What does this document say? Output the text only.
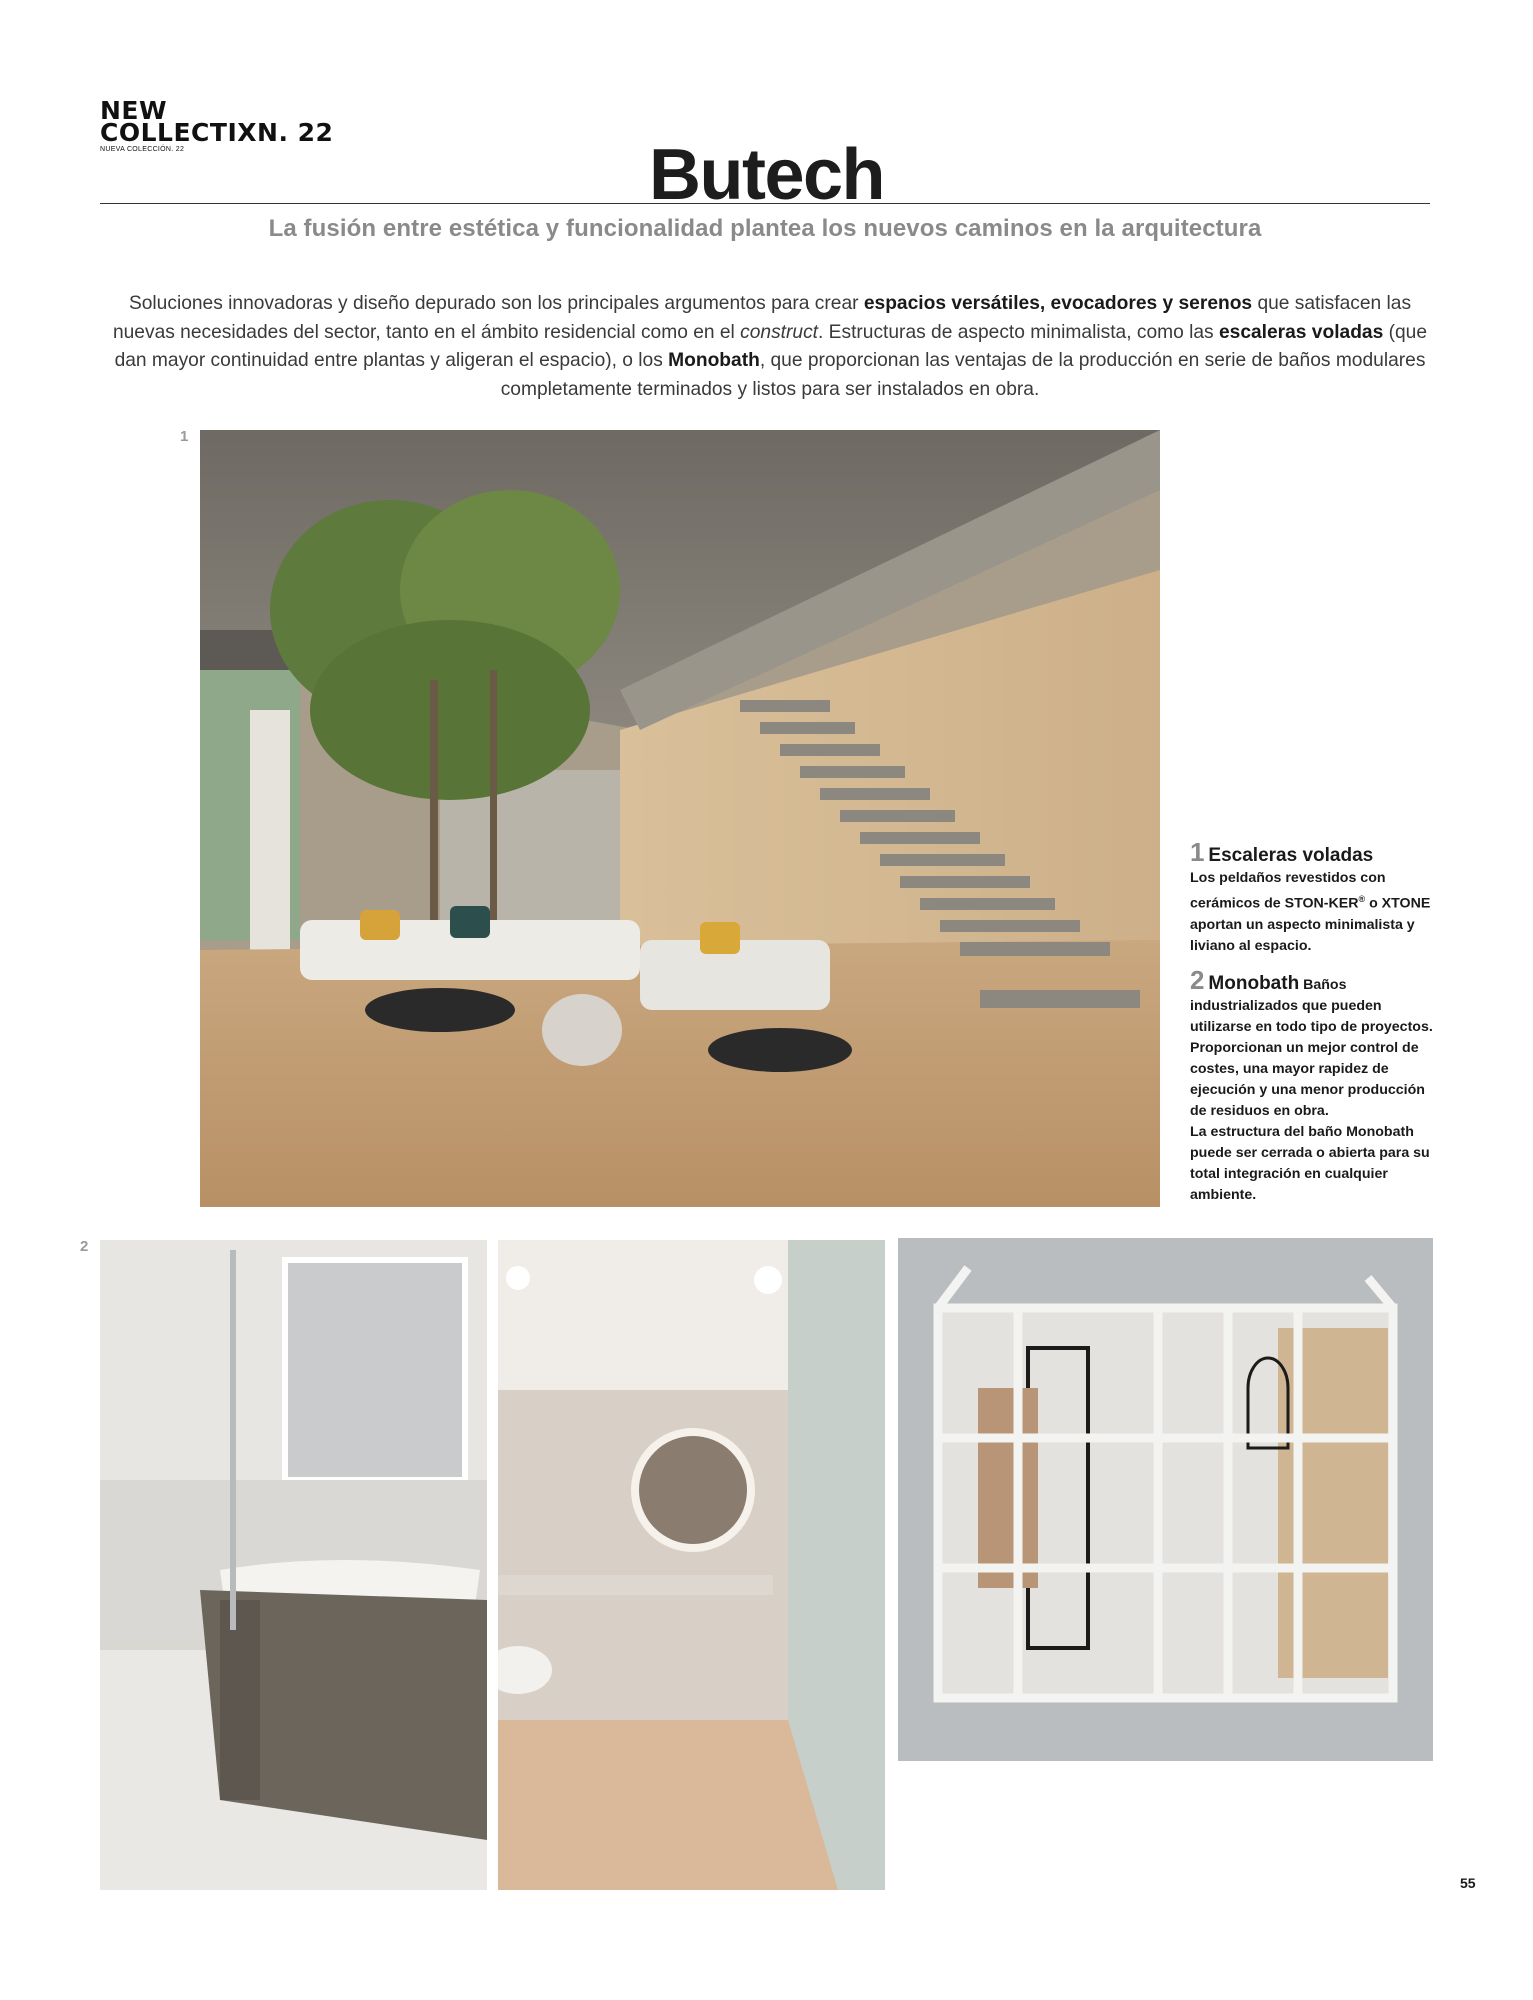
NEW
COLLECTIХN. 22
NUEVA COLECCIÓN. 22	Butech
La fusión entre estética y funcionalidad plantea los nuevos caminos en la arquitectura
Soluciones innovadoras y diseño depurado son los principales argumentos para crear espacios versátiles, evocadores y serenos que satisfacen las nuevas necesidades del sector, tanto en el ámbito residencial como en el construct. Estructuras de aspecto minimalista, como las escaleras voladas (que dan mayor continuidad entre plantas y aligeran el espacio), o los Monobath, que proporcionan las ventajas de la producción en serie de baños modulares completamente terminados y listos para ser instalados en obra.
1
1 Escaleras voladas
Los peldaños revestidos con cerámicos de STON-KER® o XTONE aportan un aspecto minimalista y liviano al espacio.
2 Monobath Baños industrializados que pueden utilizarse en todo tipo de proyectos. Proporcionan un mejor control de costes, una mayor rapidez de ejecución y una menor producción de residuos en obra.
La estructura del baño Monobath puede ser cerrada o abierta para su total integración en cualquier ambiente.
2
55
